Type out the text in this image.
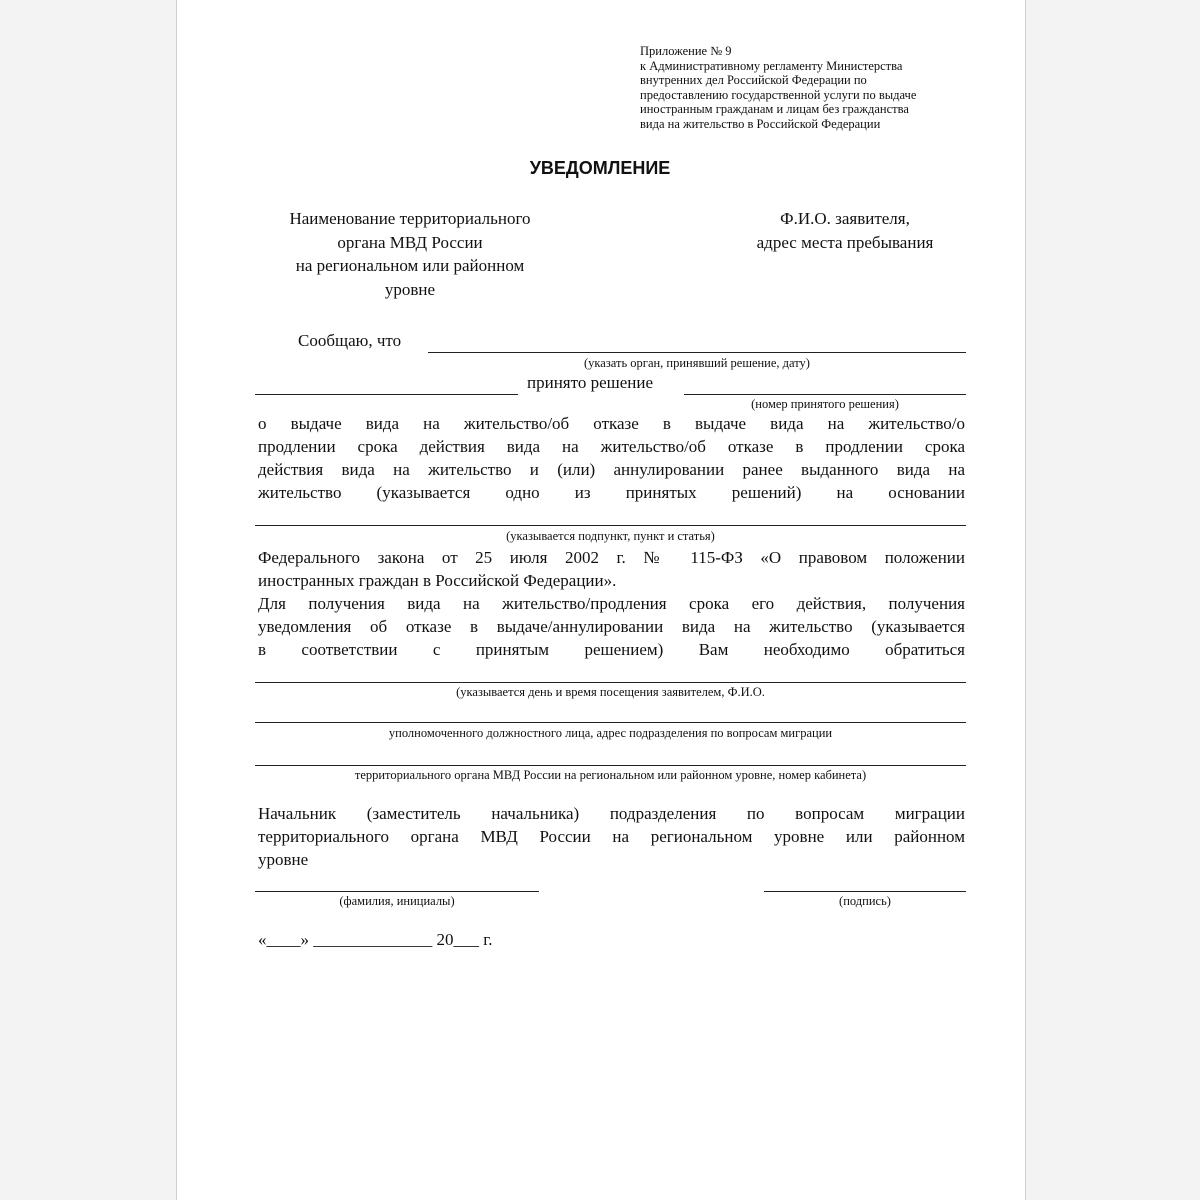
Приложение № 9
к Административному регламенту Министерства
внутренних дел Российской Федерации по
предоставлению государственной услуги по выдаче
иностранным гражданам и лицам без гражданства
вида на жительство в Российской Федерации
УВЕДОМЛЕНИЕ
Наименование территориального
органа МВД России
на региональном или районном
уровне
Ф.И.О. заявителя,
адрес места пребывания
Сообщаю, что
(указать орган, принявший решение, дату)
принято решение
(номер принятого решения)
о выдаче вида на жительство/об отказе в выдаче вида на жительство/о
продлении срока действия вида на жительство/об отказе в продлении срока
действия вида на жительство и (или) аннулировании ранее выданного вида на
жительство (указывается одно из принятых решений) на основании
(указывается подпункт, пункт и статья)
Федерального закона от 25 июля 2002 г. № 115-ФЗ «О правовом положении
иностранных граждан в Российской Федерации».
Для получения вида на жительство/продления срока его действия, получения
уведомления об отказе в выдаче/аннулировании вида на жительство (указывается
в соответствии с принятым решением) Вам необходимо обратиться
(указывается день и время посещения заявителем, Ф.И.О.
уполномоченного должностного лица, адрес подразделения по вопросам миграции
территориального органа МВД России на региональном или районном уровне, номер кабинета)
Начальник (заместитель начальника) подразделения по вопросам миграции
территориального органа МВД России на региональном уровне или районном
уровне
(фамилия, инициалы)	(подпись)
«____» ______________ 20___ г.
